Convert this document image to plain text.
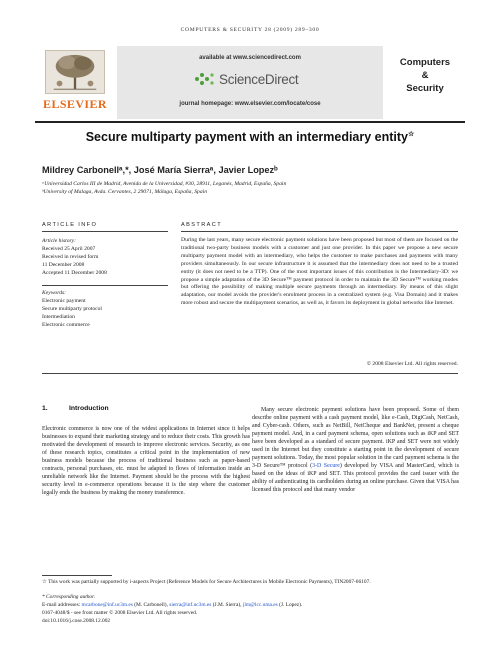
COMPUTERS & SECURITY 28 (2009) 289–300
ELSEVIER
available at www.sciencedirect.com
ScienceDirect
journal homepage: www.elsevier.com/locate/cose
Computers
&
Security
Secure multiparty payment with an intermediary entity☆
Mildrey Carbonellᵃ,*, José María Sierraᵃ, Javier Lopezᵇ
ᵃUniversidad Carlos III de Madrid, Avenida de la Universidad, #30, 28911, Leganés, Madrid, España, Spain
ᵇUniversity of Malaga, Avda. Cervantes, 2 29071, Málaga, España, Spain
ARTICLE INFO	ABSTRACT
Article history:
Received 25 April 2007
Received in revised form
11 December 2008
Accepted 11 December 2008
Keywords:
Electronic payment
Secure multiparty protocol
Intermediation
Electronic commerce
During the last years, many secure electronic payment solutions have been proposed but most of them are focused on the traditional two-party business models with a customer and just one provider. In this paper we propose a new secure multiparty payment model with an intermediary, who helps the customer to make purchases and payments with many providers simultaneously. In our secure infrastructure it is assumed that the intermediary does not need to be a trusted entity (it does not need to be a TTP). One of the most important issues of this contribution is the Intermediary-3D: we propose a simple adaptation of the 3D Secure™ payment protocol in order to maintain the 3D Secure™ working modes but offering the possibility of making multiple secure payments through an intermediary. By means of this slight adaptation, our model avoids the provider's enrolment process in a centralized system (e.g. Visa Domain) and it makes more robust and secure the multipayment scenarios, as well as, it favors its deployment in global networks like Internet.
© 2008 Elsevier Ltd. All rights reserved.
1.	Introduction
Electronic commerce is now one of the widest applications in Internet since it helps businesses to expand their marketing strategy and to reduce their costs. This growth has motivated the development of research to improve electronic services. Security, as one of these research topics, constitutes a critical point in the implementation of new business models because the process of traditional business such as paper-based contracts, personal purchases, etc. must be adapted to flows of information inside an unreliable network like the Internet. Payment should be the process with the highest security level in e-commerce operations because it is the step where the customer legally ends the business by making the money transference.
Many secure electronic payment solutions have been proposed. Some of them describe online payment with a cash payment model, like e-Cash, DigiCash, NetCash, and Cyber-cash. Others, such as NetBill, NetCheque and BankNet, present a cheque payment model. And, in a card payment schema, open solutions such as iKP and SET have been developed as a standard of secure payment. iKP and SET were not widely used in the Internet but they constitute a starting point in the development of secure payment solutions. Today, the most popular solution in the card payment schema is the 3-D Secure™ protocol (3-D Secure) developed by VISA and MasterCard, which is based on the ideas of iKP and SET. This protocol provides the card issuer with the ability of authenticating its cardholders during an online purchase. Given that VISA has licensed this protocol and that many vendor
☆ This work was partially supported by i-aspects Project (Reference Models for Secure Architectures in Mobile Electronic Payments), TIN2007-66107.
* Corresponding author.
E-mail addresses: mcarbone@inf.uc3m.es (M. Carbonell), sierra@inf.uc3m.es (J.M. Sierra), jlm@lcc.uma.es (J. Lopez).
0167-4048/$ - see front matter © 2008 Elsevier Ltd. All rights reserved.
doi:10.1016/j.cose.2008.12.002
